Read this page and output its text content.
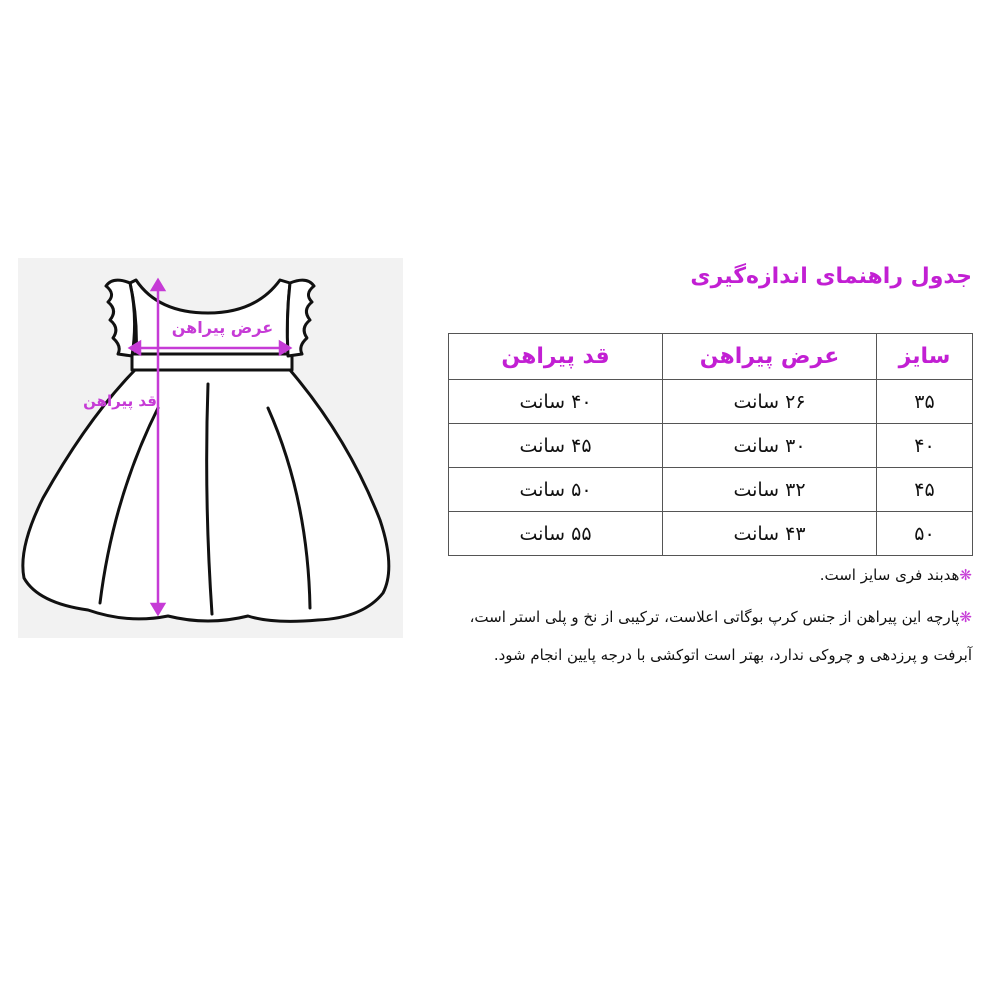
عرض پیراهن
قد پیراهن
جدول راهنمای اندازه‌گیری
سایز	عرض پیراهن	قد پیراهن
۳۵	۲۶ سانت	۴۰ سانت
۴۰	۳۰ سانت	۴۵ سانت
۴۵	۳۲ سانت	۵۰ سانت
۵۰	۴۳ سانت	۵۵ سانت
❋هدبند فری سایز است.
❋پارچه این پیراهن از جنس کرپ بوگاتی اعلاست، ترکیبی از نخ و پلی استر است،
آبرفت و پرزدهی و چروکی ندارد، بهتر است اتوکشی با درجه پایین انجام شود.
